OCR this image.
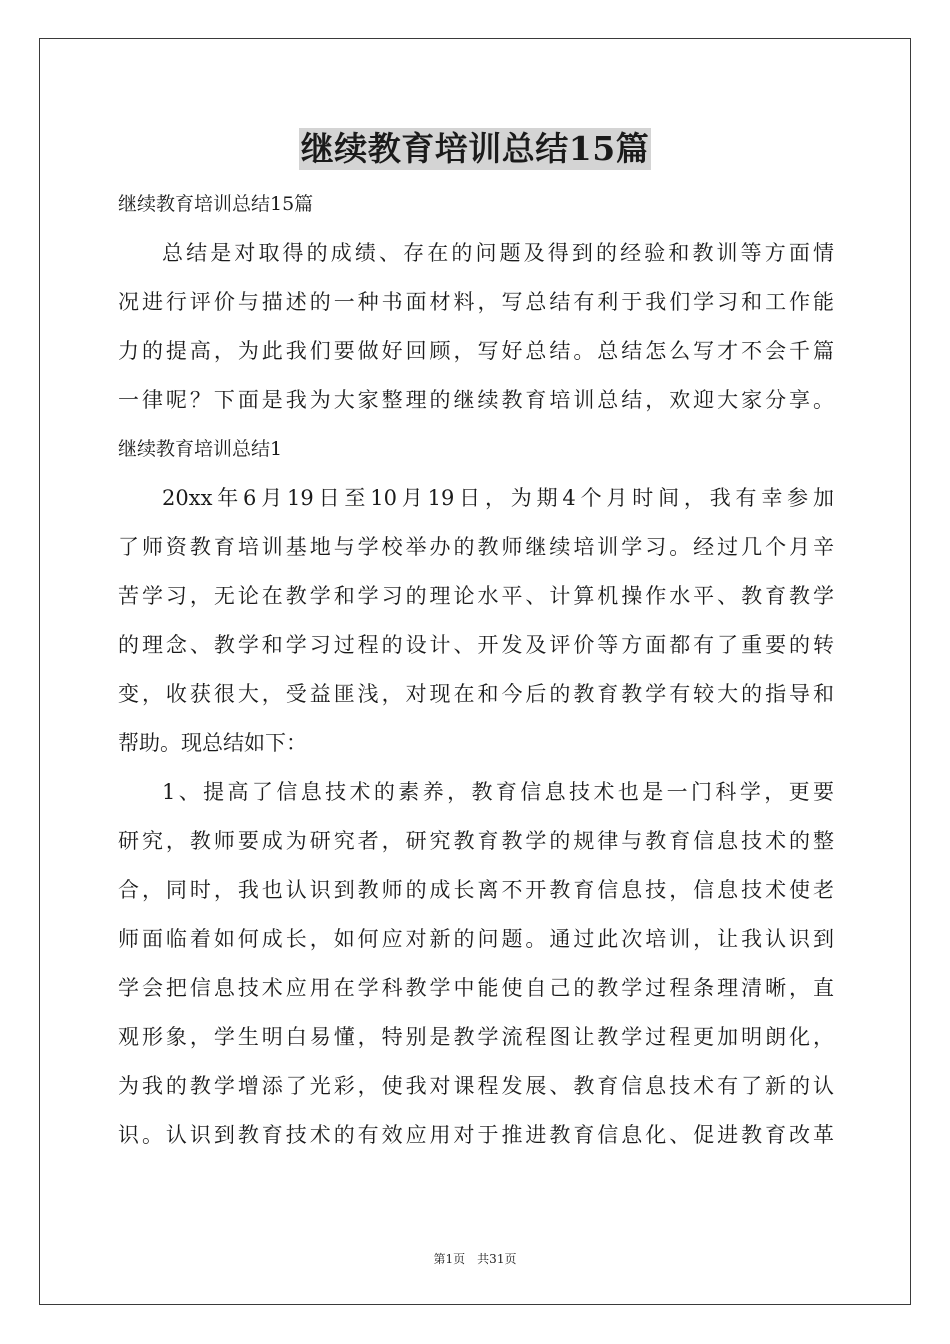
继续教育培训总结15篇
继续教育培训总结15篇
总结是对取得的成绩、存在的问题及得到的经验和教训等方面情
况进行评价与描述的一种书面材料，写总结有利于我们学习和工作能
力的提高，为此我们要做好回顾，写好总结。总结怎么写才不会千篇
一律呢？下面是我为大家整理的继续教育培训总结，欢迎大家分享。
继续教育培训总结1
20xx年6月19日至10月19日，为期4个月时间，我有幸参加
了师资教育培训基地与学校举办的教师继续培训学习。经过几个月辛
苦学习，无论在教学和学习的理论水平、计算机操作水平、教育教学
的理念、教学和学习过程的设计、开发及评价等方面都有了重要的转
变，收获很大，受益匪浅，对现在和今后的教育教学有较大的指导和
帮助。现总结如下：
1、提高了信息技术的素养，教育信息技术也是一门科学，更要
研究，教师要成为研究者，研究教育教学的规律与教育信息技术的整
合，同时，我也认识到教师的成长离不开教育信息技，信息技术使老
师面临着如何成长，如何应对新的问题。通过此次培训，让我认识到
学会把信息技术应用在学科教学中能使自己的教学过程条理清晰，直
观形象，学生明白易懂，特别是教学流程图让教学过程更加明朗化，
为我的教学增添了光彩，使我对课程发展、教育信息技术有了新的认
识。认识到教育技术的有效应用对于推进教育信息化、促进教育改革
第1页　共31页
